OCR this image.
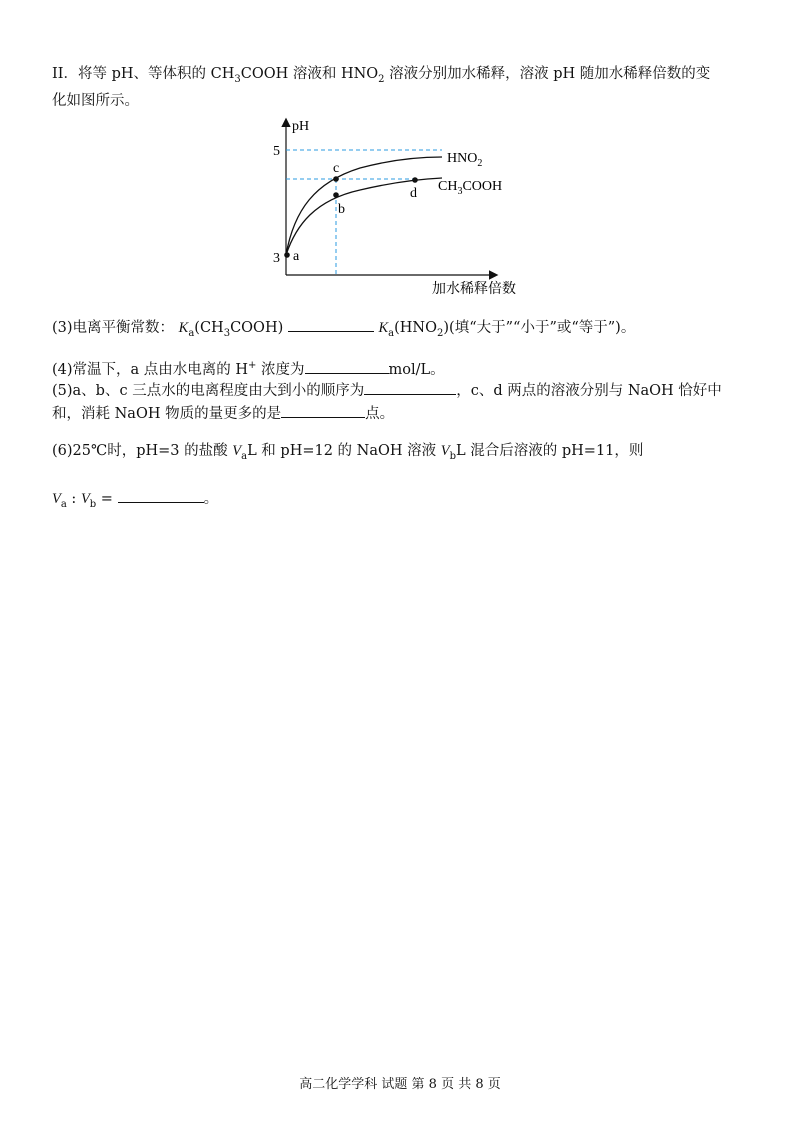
II．将等 pH、等体积的 $CH_3COOH$ 溶液和 $HNO_2$ 溶液分别加水稀释，溶液 pH 随加水稀释倍数的变
化如图所示。
pH
加水稀释倍数
5
3 a
c
b
d
$HNO_2$
$CH_3COOH$
(3)电离平衡常数： $K_a(CH_3COOH)$	$K_a(HNO_2)$(填“大于”“小于”或“等于”)。
(4)常温下，a 点由水电离的 H+ 浓度为	mol/L。
(5)a、b、c 三点水的电离程度由大到小的顺序为	，c、d 两点的溶液分别与 NaOH 恰好中
和，消耗 NaOH 物质的量更多的是	点。
(6)25℃时，pH=3 的盐酸 $V_aL$ 和 pH=12 的 NaOH 溶液 $V_bL$ 混合后溶液的 pH=11，则
$V_a$ : $V_b$ =	。
高二化学学科 试题 第 8 页 共 8 页
